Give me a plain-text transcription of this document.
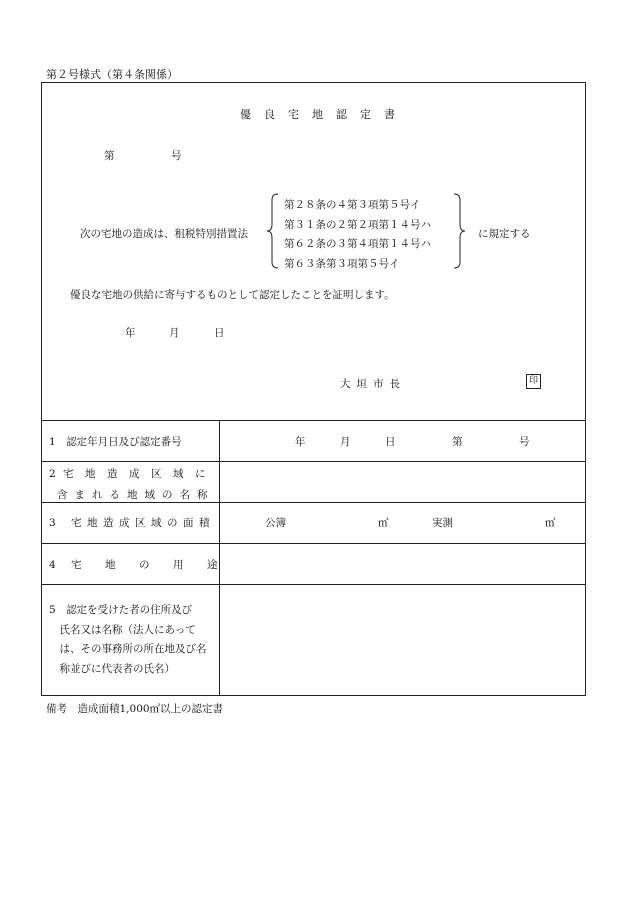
第２号様式（第４条関係）
優 良 宅 地 認 定 書
第	号
次の宅地の造成は、租税特別措置法
第２８条の４第３項第５号イ
第３１条の２第２項第１４号ハ
第６２条の３第４項第１４号ハ
第６３条第３項第５号イ
に規定する
優良な宅地の供給に寄与するものとして認定したことを証明します。
年	月	日
大 垣 市 長	印
1　認定年月日及び認定番号	年	月	日	第	号
2 宅 地 造 成 区 域 に
含 ま れ る 地 域 の 名 称
3 宅 地 造 成 区 域 の 面 積	公簿	㎡	実測	㎡
4 宅 地 の 用 途
5　認定を受けた者の住所及び
　氏名又は名称（法人にあって
　は、その事務所の所在地及び名
　称並びに代表者の氏名）
備考　造成面積1,000㎡以上の認定書
